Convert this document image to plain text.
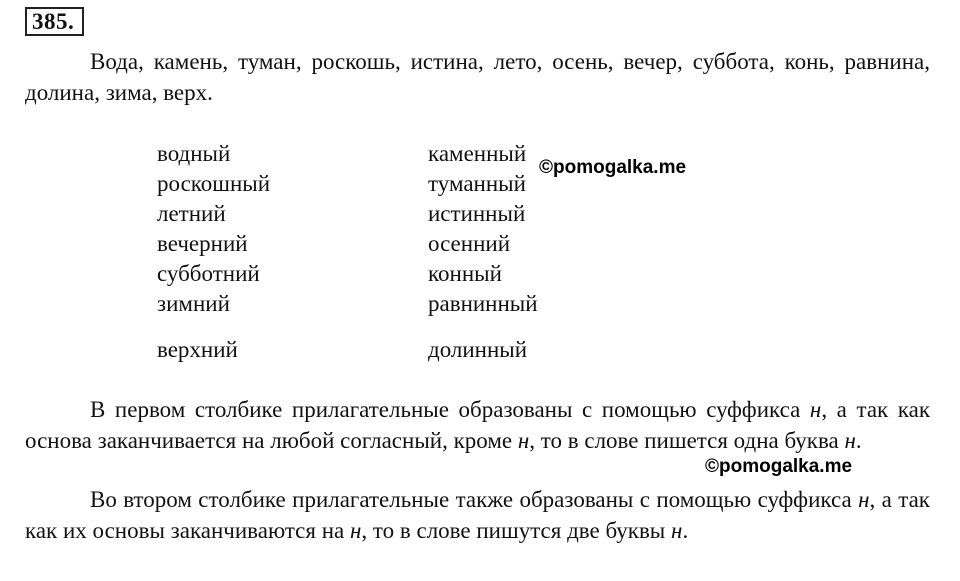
385.

Вода, камень, туман, роскошь, истина, лето, осень, вечер, суббота, конь, равнина, долина, зима, верх.

водный
роскошный
летний
вечерний
субботний
зимний
верхний
каменный
туманный
истинный
осенний
конный
равнинный
долинный
©pomogalka.me
©pomogalka.me

В первом столбике прилагательные образованы с помощью суффикса н, а так как основа заканчивается на любой согласный, кроме н, то в слове пишется одна буква н.

Во втором столбике прилагательные также образованы с помощью суффикса н, а так как их основы заканчиваются на н, то в слове пишутся две буквы н.
